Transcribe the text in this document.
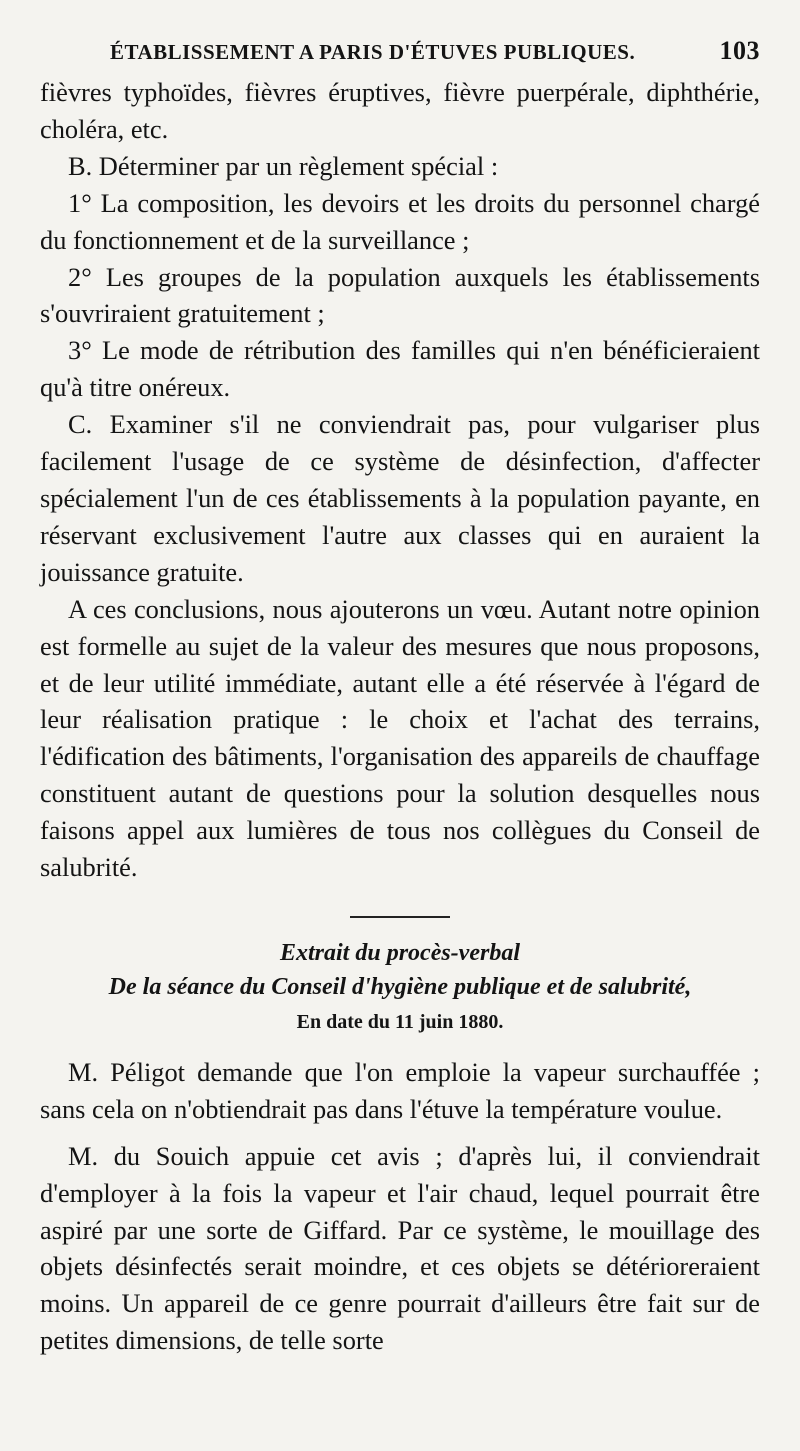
ÉTABLISSEMENT A PARIS D'ÉTUVES PUBLIQUES.	103

fièvres typhoïdes, fièvres éruptives, fièvre puerpérale, diphthérie, choléra, etc.

B. Déterminer par un règlement spécial :

1° La composition, les devoirs et les droits du personnel chargé du fonctionnement et de la surveillance ;

2° Les groupes de la population auxquels les établissements s'ouvriraient gratuitement ;

3° Le mode de rétribution des familles qui n'en bénéficieraient qu'à titre onéreux.

C. Examiner s'il ne conviendrait pas, pour vulgariser plus facilement l'usage de ce système de désinfection, d'affecter spécialement l'un de ces établissements à la population payante, en réservant exclusivement l'autre aux classes qui en auraient la jouissance gratuite.

A ces conclusions, nous ajouterons un vœu. Autant notre opinion est formelle au sujet de la valeur des mesures que nous proposons, et de leur utilité immédiate, autant elle a été réservée à l'égard de leur réalisation pratique : le choix et l'achat des terrains, l'édification des bâtiments, l'organisation des appareils de chauffage constituent autant de questions pour la solution desquelles nous faisons appel aux lumières de tous nos collègues du Conseil de salubrité.

Extrait du procès-verbal
De la séance du Conseil d'hygiène publique et de salubrité,
En date du 11 juin 1880.

M. Péligot demande que l'on emploie la vapeur surchauffée ; sans cela on n'obtiendrait pas dans l'étuve la température voulue.

M. du Souich appuie cet avis ; d'après lui, il conviendrait d'employer à la fois la vapeur et l'air chaud, lequel pourrait être aspiré par une sorte de Giffard. Par ce système, le mouillage des objets désinfectés serait moindre, et ces objets se détérioreraient moins. Un appareil de ce genre pourrait d'ailleurs être fait sur de petites dimensions, de telle sorte
